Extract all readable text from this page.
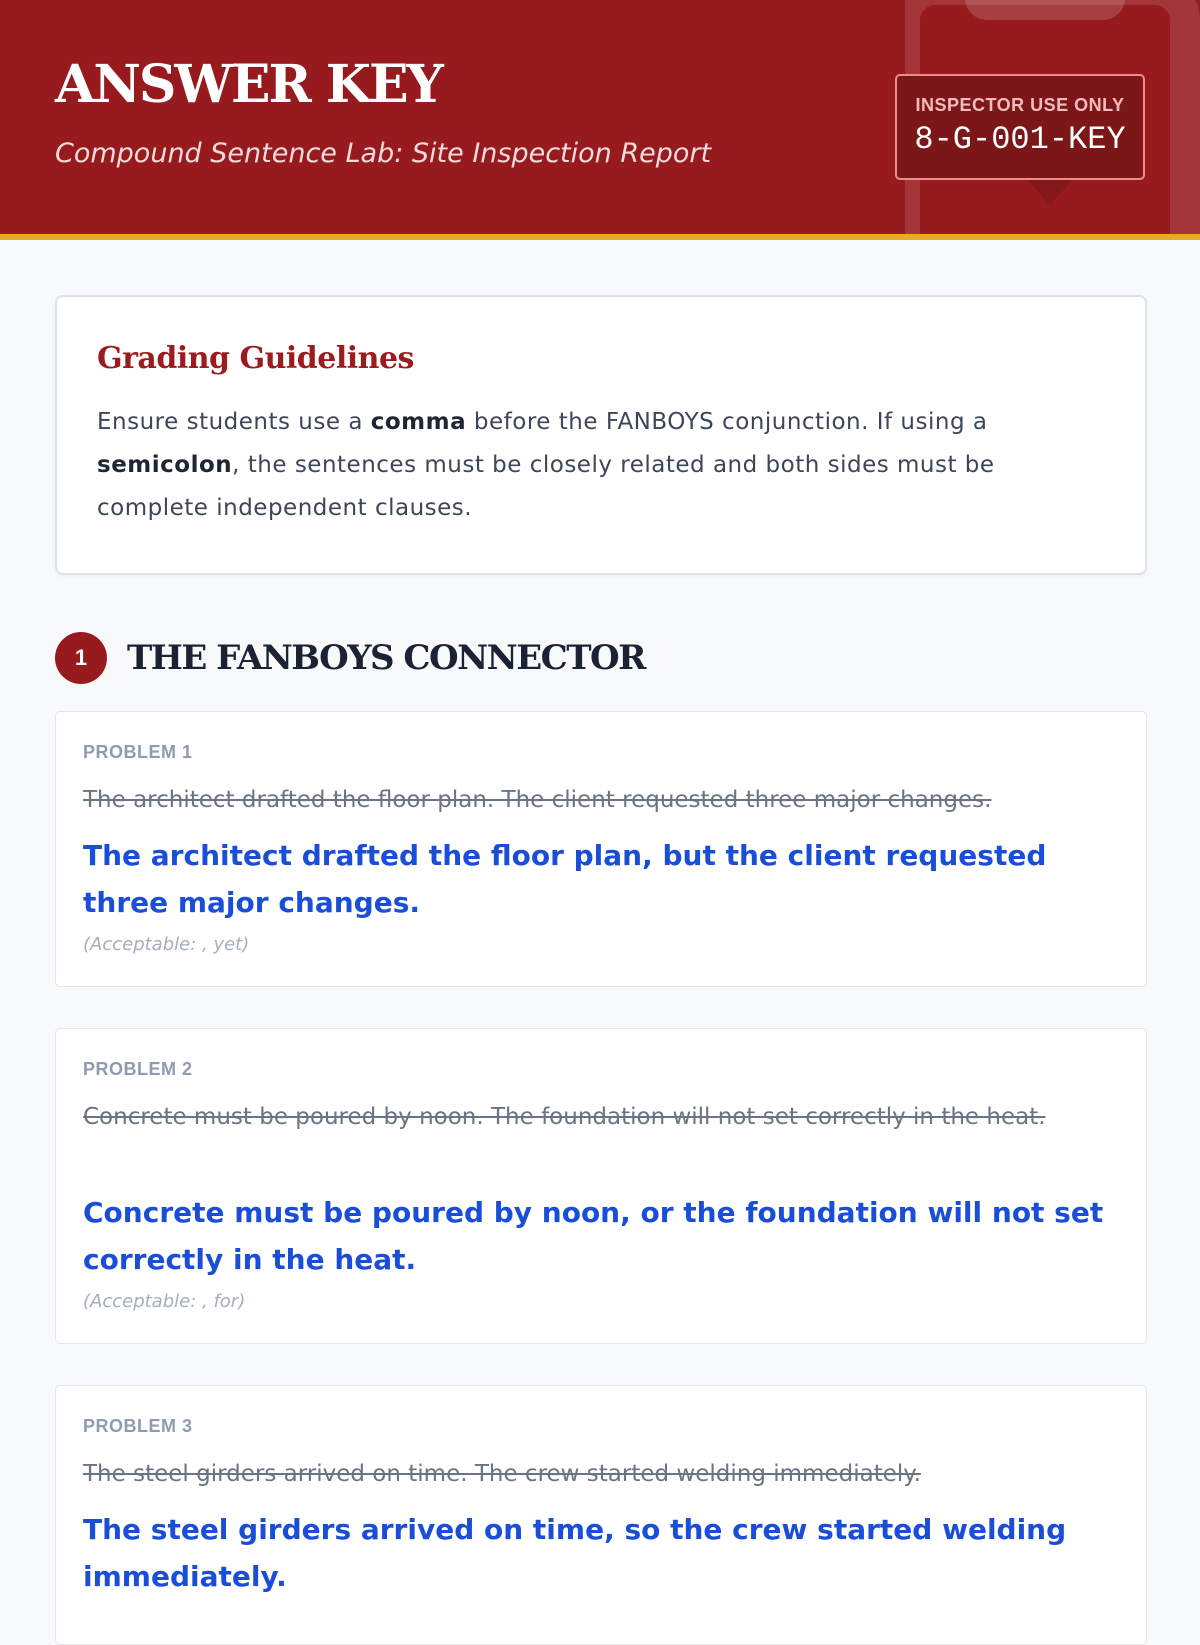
ANSWER KEY
Compound Sentence Lab: Site Inspection Report
INSPECTOR USE ONLY
8-G-001-KEY
Grading Guidelines
Ensure students use a comma before the FANBOYS conjunction. If using a semicolon, the sentences must be closely related and both sides must be complete independent clauses.
1	THE FANBOYS CONNECTOR
PROBLEM 1
The architect drafted the floor plan. The client requested three major changes.
The architect drafted the floor plan, but the client requested three major changes.
(Acceptable: , yet)
PROBLEM 2
Concrete must be poured by noon. The foundation will not set correctly in the heat.
Concrete must be poured by noon, or the foundation will not set correctly in the heat.
(Acceptable: , for)
PROBLEM 3
The steel girders arrived on time. The crew started welding immediately.
The steel girders arrived on time, so the crew started welding immediately.
